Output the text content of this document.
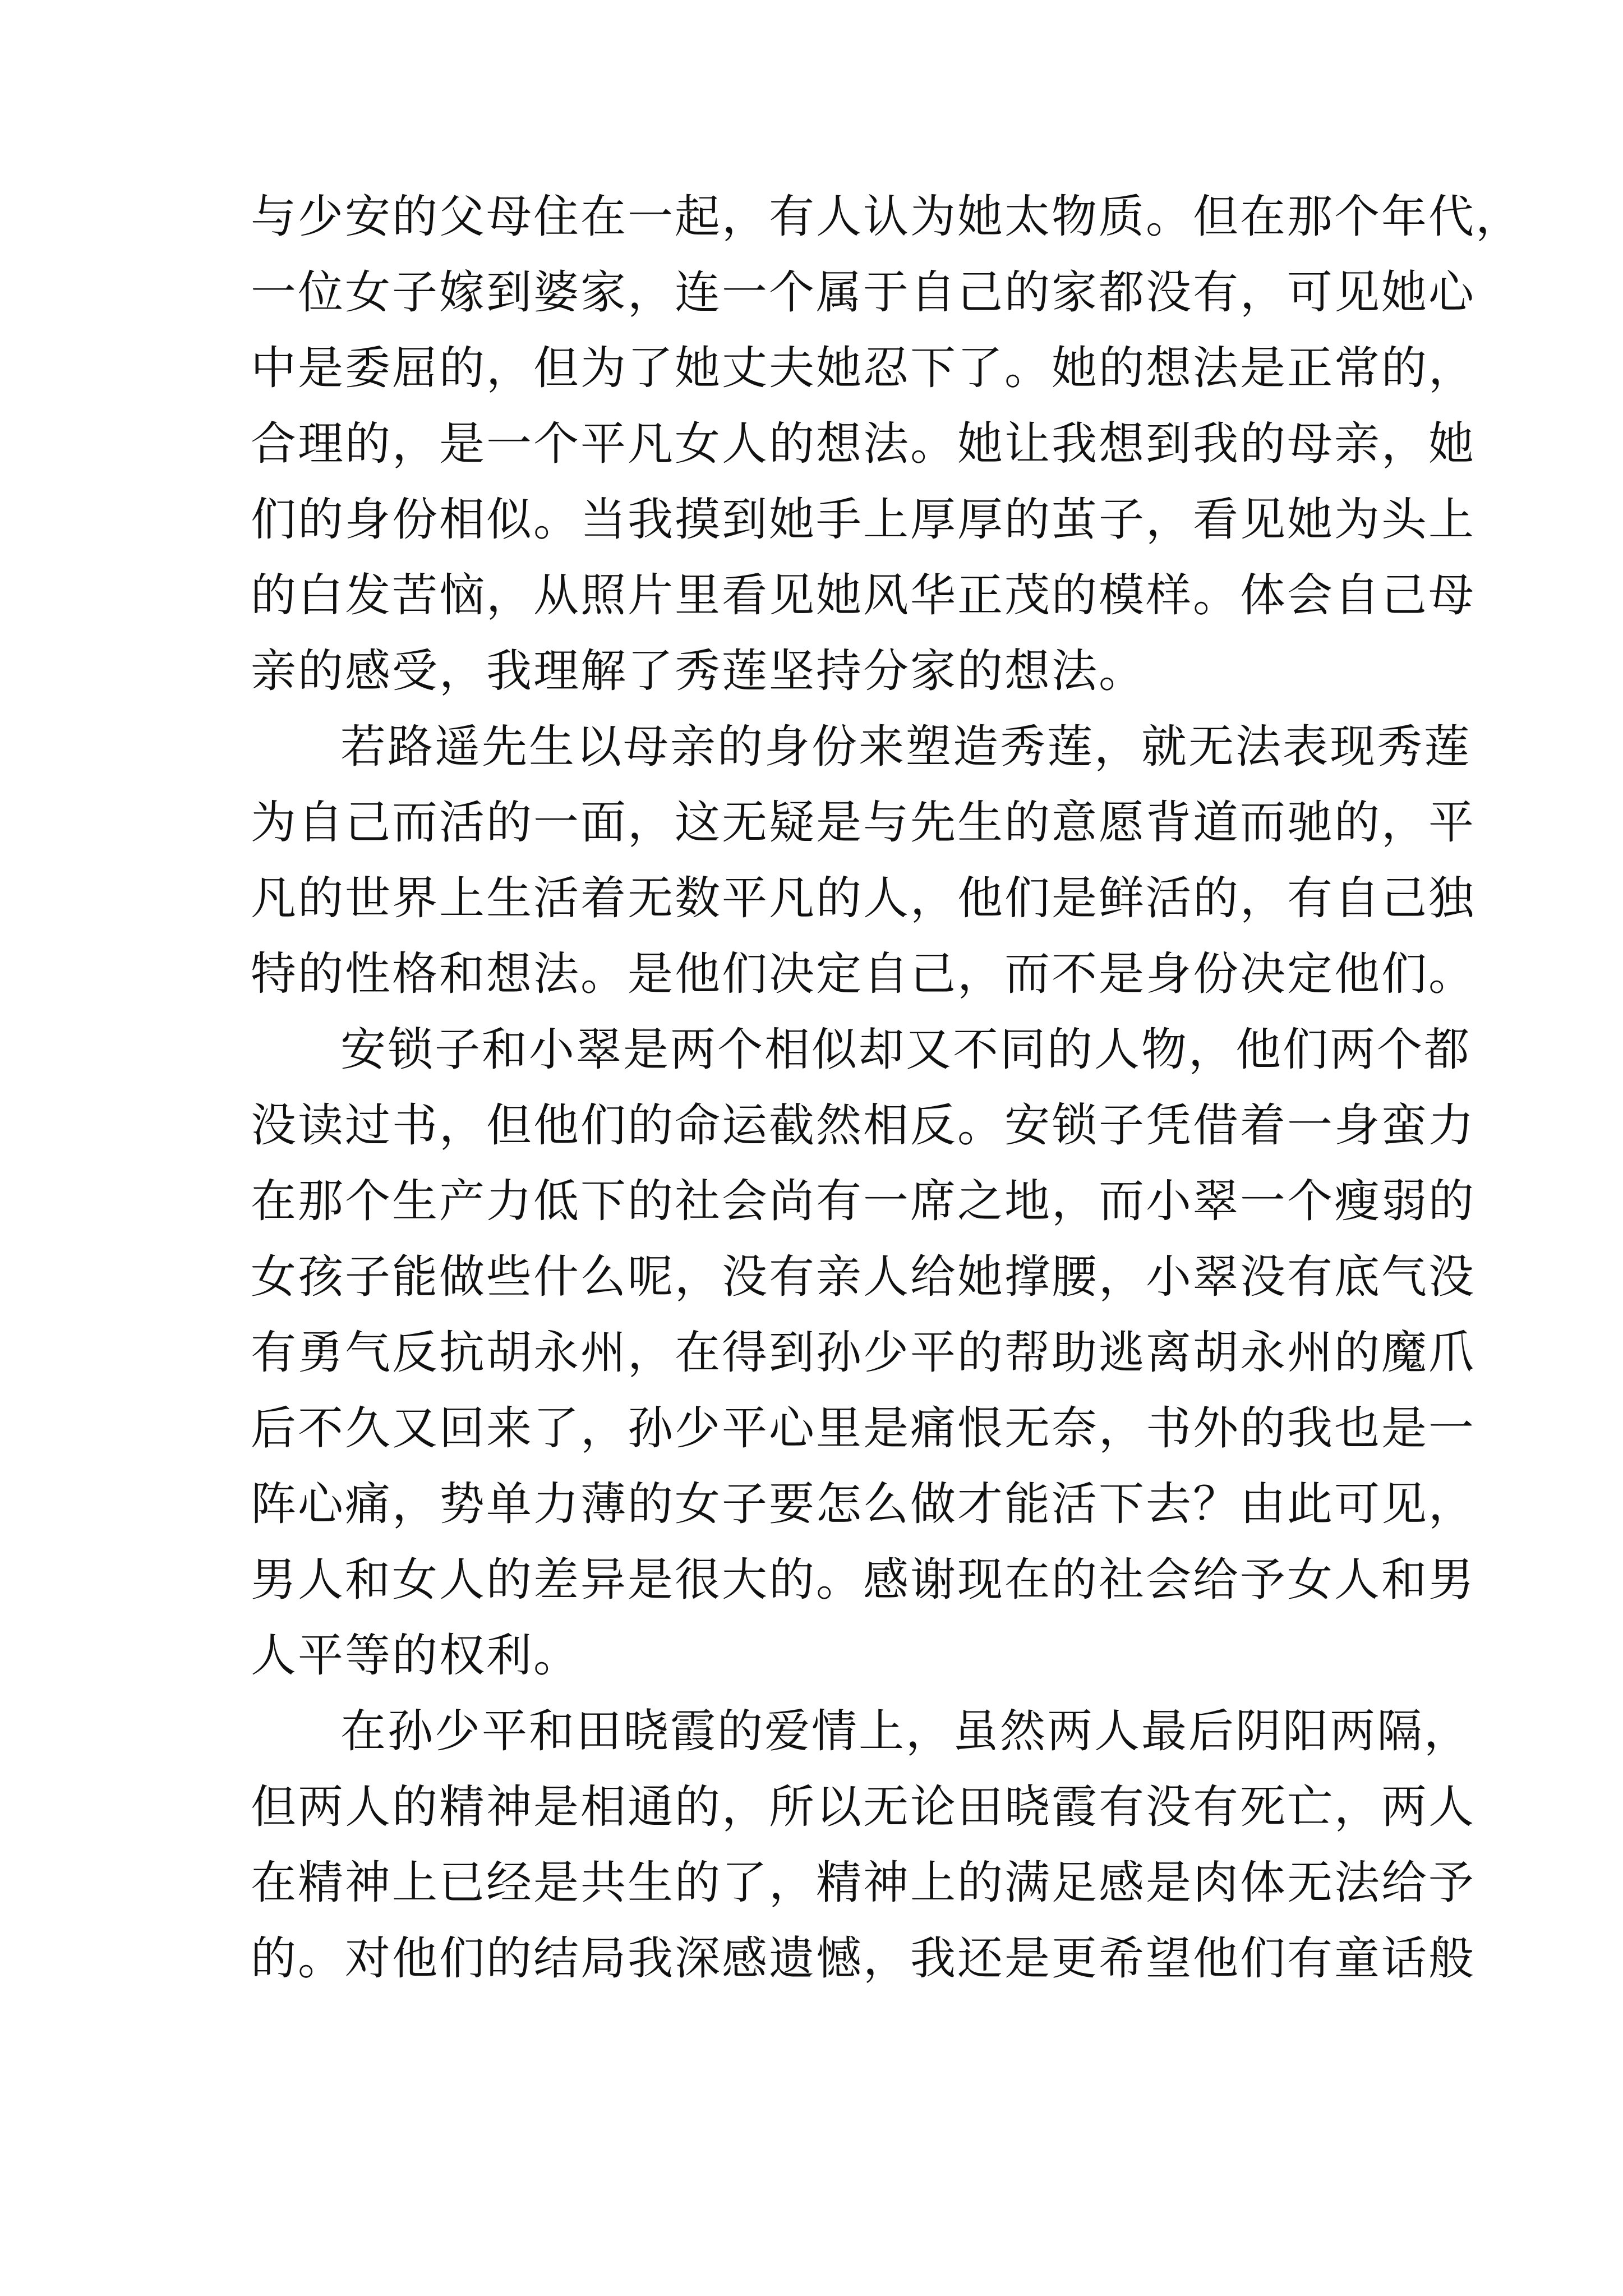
与少安的父母住在一起，有人认为她太物质。但在那个年代，
一位女子嫁到婆家，连一个属于自己的家都没有，可见她心
中是委屈的，但为了她丈夫她忍下了。她的想法是正常的，
合理的，是一个平凡女人的想法。她让我想到我的母亲，她
们的身份相似。当我摸到她手上厚厚的茧子，看见她为头上
的白发苦恼，从照片里看见她风华正茂的模样。体会自己母
亲的感受，我理解了秀莲坚持分家的想法。
若路遥先生以母亲的身份来塑造秀莲，就无法表现秀莲
为自己而活的一面，这无疑是与先生的意愿背道而驰的，平
凡的世界上生活着无数平凡的人，他们是鲜活的，有自己独
特的性格和想法。是他们决定自己，而不是身份决定他们。
安锁子和小翠是两个相似却又不同的人物，他们两个都
没读过书，但他们的命运截然相反。安锁子凭借着一身蛮力
在那个生产力低下的社会尚有一席之地，而小翠一个瘦弱的
女孩子能做些什么呢，没有亲人给她撑腰，小翠没有底气没
有勇气反抗胡永州，在得到孙少平的帮助逃离胡永州的魔爪
后不久又回来了，孙少平心里是痛恨无奈，书外的我也是一
阵心痛，势单力薄的女子要怎么做才能活下去？由此可见，
男人和女人的差异是很大的。感谢现在的社会给予女人和男
人平等的权利。
在孙少平和田晓霞的爱情上，虽然两人最后阴阳两隔，
但两人的精神是相通的，所以无论田晓霞有没有死亡，两人
在精神上已经是共生的了，精神上的满足感是肉体无法给予
的。对他们的结局我深感遗憾，我还是更希望他们有童话般
